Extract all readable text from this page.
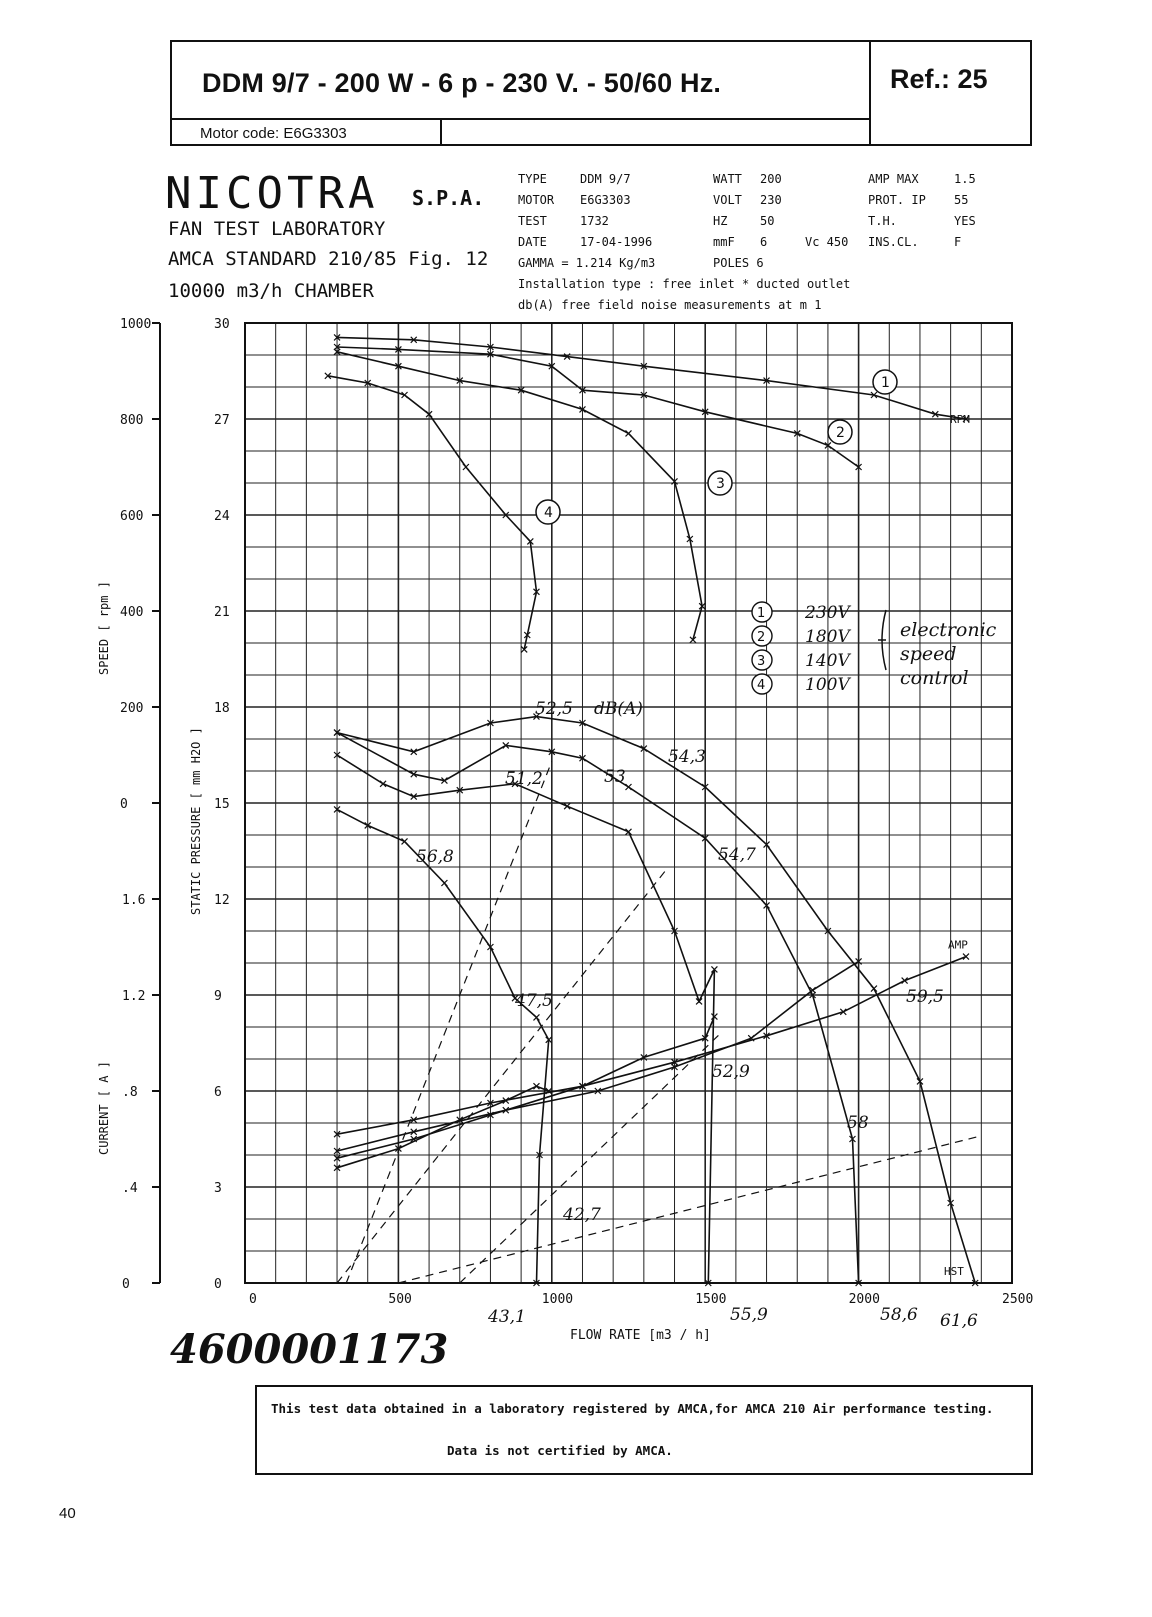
DDM 9/7 - 200 W - 6 p - 230 V. - 50/60 Hz.	Ref.: 25
Motor code: E6G3303
NICOTRA S.P.A.
FAN TEST LABORATORY
AMCA STANDARD 210/85 Fig. 12
10000 m3/h CHAMBER
TYPE	DDM 9/7
MOTOR E6G3303
TEST	1732
DATE	17-04-1996
GAMMA = 1.214 Kg/m3
WATT 200
VOLT 230
HZ	50
mmF 6	Vc 450
POLES 6
AMP MAX	1.5
PROT. IP 55
T.H.	YES
INS.CL.	F
Installation type : free inlet * ducted outlet
db(A) free field noise measurements at m 1
0	500	1000	1500	2000	2500
FLOW RATE [m3 / h]
30
27
24
21
18
15
12
9
6
3
0
1000
800
600
400
200
0
1.6
1.2
.8
.4
0
SPEED [ rpm ]
STATIC PRESSURE [ mm H2O ]
CURRENT [ A ]
RPM
AMP
HST
1
2
3
4
1 230V
2 180V
3 140V
4 100V
electronic
speed
control
52,5
54,3
51,2	53
54,7
56,8
47,5
52,9
59,5
58
42,7
43,1	55,9	58,6 61,6
dB(A)
4600001173
This test data obtained in a laboratory registered by AMCA,for AMCA 210 Air performance testing.
Data is not certified by AMCA.
40
